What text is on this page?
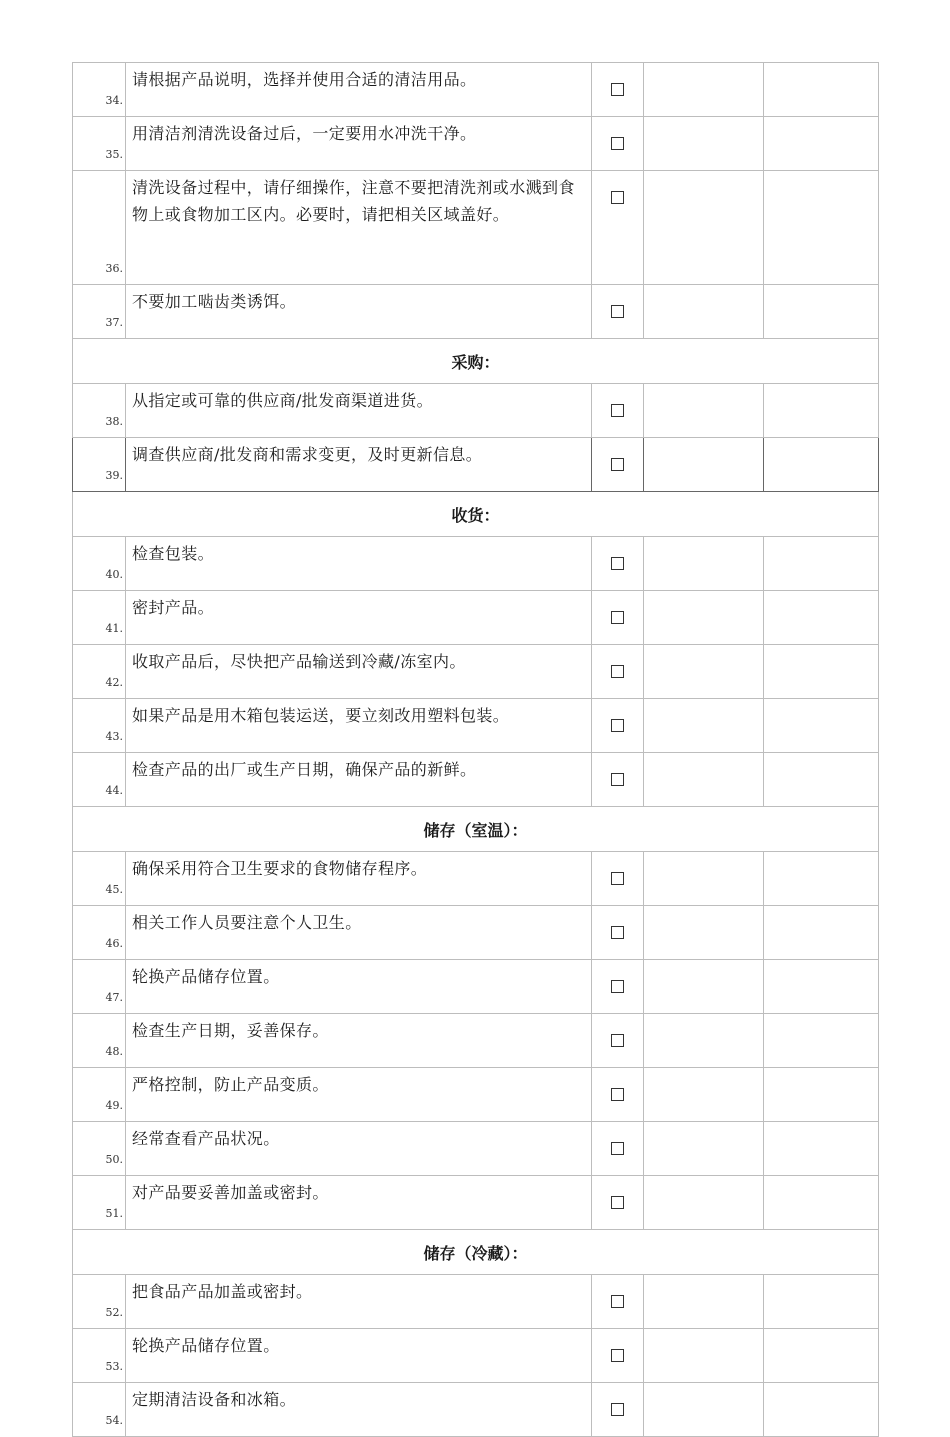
34.	请根据产品说明，选择并使用合适的清洁用品。			
35.	用清洁剂清洗设备过后，一定要用水冲洗干净。			
36.	清洗设备过程中，请仔细操作，注意不要把清洗剂或水溅到食物上或食物加工区内。必要时，请把相关区域盖好。			
37.	不要加工啮齿类诱饵。			
采购：				
38.	从指定或可靠的供应商/批发商渠道进货。			
39.	调查供应商/批发商和需求变更，及时更新信息。			
收货：				
40.	检查包装。			
41.	密封产品。			
42.	收取产品后，尽快把产品输送到冷藏/冻室内。			
43.	如果产品是用木箱包装运送，要立刻改用塑料包装。			
44.	检查产品的出厂或生产日期，确保产品的新鲜。			
储存（室温）：				
45.	确保采用符合卫生要求的食物储存程序。			
46.	相关工作人员要注意个人卫生。			
47.	轮换产品储存位置。			
48.	检查生产日期，妥善保存。			
49.	严格控制，防止产品变质。			
50.	经常查看产品状况。			
51.	对产品要妥善加盖或密封。			
储存（冷藏）：				
52.	把食品产品加盖或密封。			
53.	轮换产品储存位置。			
54.	定期清洁设备和冰箱。			
